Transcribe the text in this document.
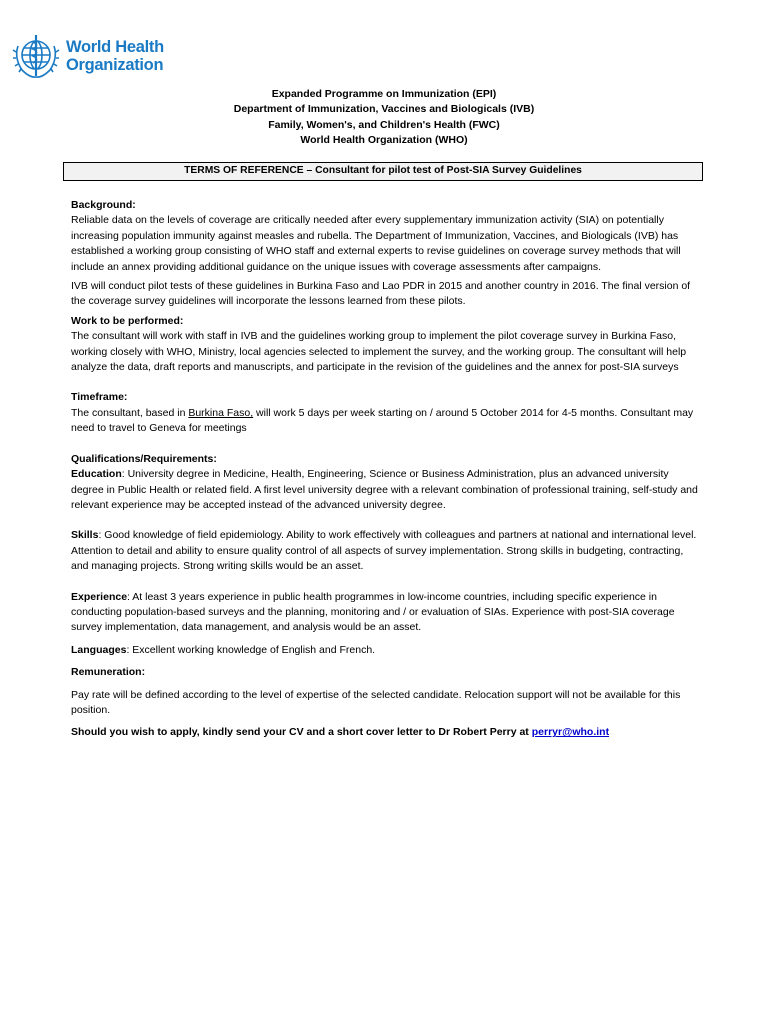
World Health
Organization
Expanded Programme on Immunization (EPI)
Department of Immunization, Vaccines and Biologicals (IVB)
Family, Women's, and Children's Health (FWC)
World Health Organization (WHO)
TERMS OF REFERENCE – Consultant for pilot test of Post-SIA Survey Guidelines

Background:

Reliable data on the levels of coverage are critically needed after every supplementary immunization activity (SIA) on potentially increasing population immunity against measles and rubella. The Department of Immunization, Vaccines, and Biologicals (IVB) has established a working group consisting of WHO staff and external experts to revise guidelines on coverage survey methods that will include an annex providing additional guidance on the unique issues with coverage assessments after campaigns.

IVB will conduct pilot tests of these guidelines in Burkina Faso and Lao PDR in 2015 and another country in 2016. The final version of the coverage survey guidelines will incorporate the lessons learned from these pilots.

Work to be performed:

The consultant will work with staff in IVB and the guidelines working group to implement the pilot coverage survey in Burkina Faso, working closely with WHO, Ministry, local agencies selected to implement the survey, and the working group. The consultant will help analyze the data, draft reports and manuscripts, and participate in the revision of the guidelines and the annex for post-SIA surveys

Timeframe:

The consultant, based in Burkina Faso, will work 5 days per week starting on / around 5 October 2014 for 4-5 months. Consultant may need to travel to Geneva for meetings

Qualifications/Requirements:

Education: University degree in Medicine, Health, Engineering, Science or Business Administration, plus an advanced university degree in Public Health or related field. A first level university degree with a relevant combination of professional training, self-study and relevant experience may be accepted instead of the advanced university degree.

Skills: Good knowledge of field epidemiology. Ability to work effectively with colleagues and partners at national and international level. Attention to detail and ability to ensure quality control of all aspects of survey implementation. Strong skills in budgeting, contracting, and managing projects. Strong writing skills would be an asset.

Experience: At least 3 years experience in public health programmes in low-income countries, including specific experience in conducting population-based surveys and the planning, monitoring and / or evaluation of SIAs. Experience with post-SIA coverage survey implementation, data management, and analysis would be an asset.

Languages: Excellent working knowledge of English and French.

Remuneration:

Pay rate will be defined according to the level of expertise of the selected candidate. Relocation support will not be available for this position.

Should you wish to apply, kindly send your CV and a short cover letter to Dr Robert Perry at perryr@who.int
